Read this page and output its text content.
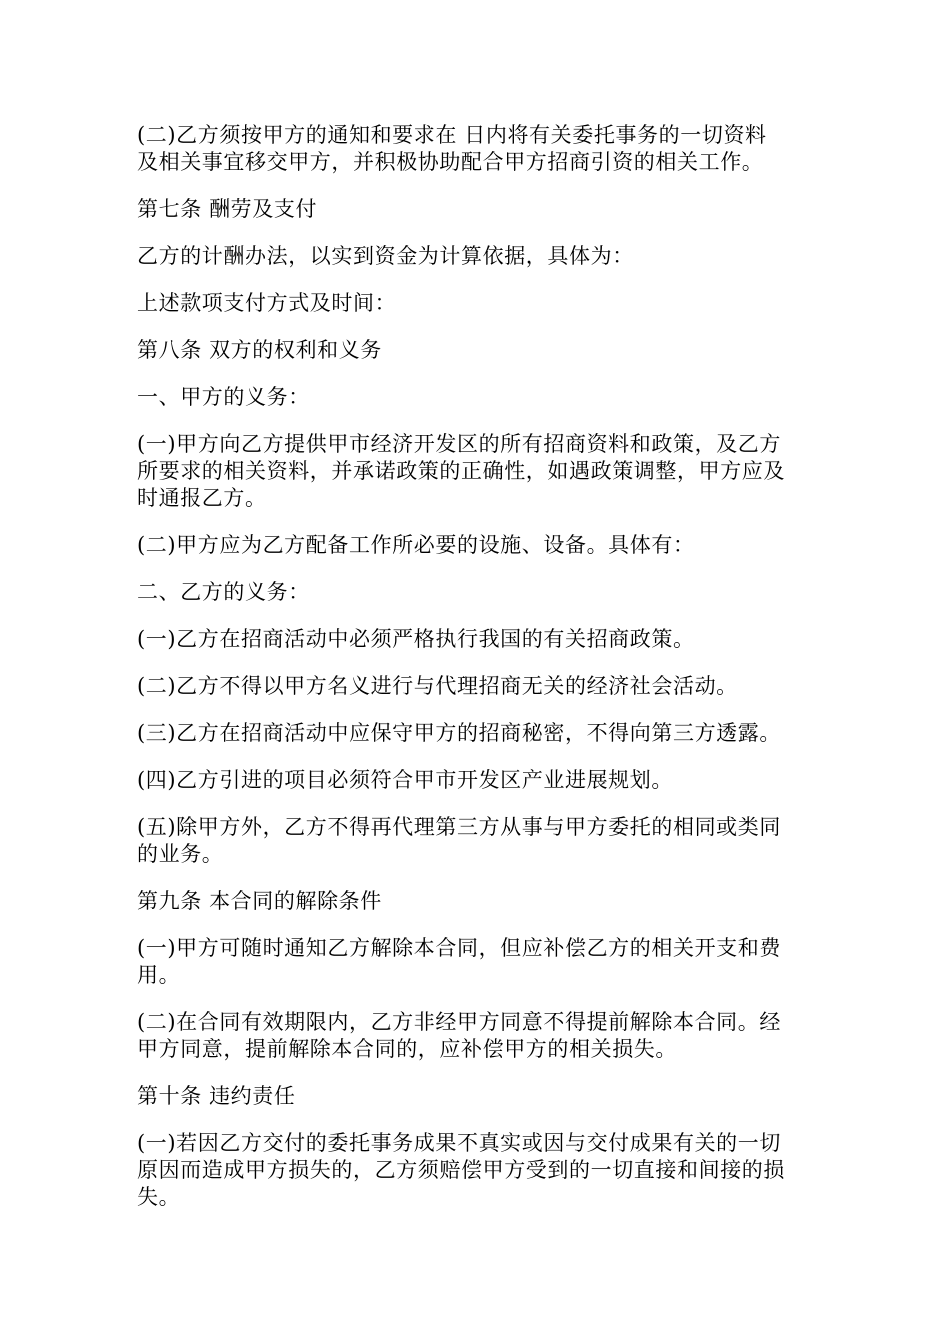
(二)乙方须按甲方的通知和要求在 日内将有关委托事务的一切资料
及相关事宜移交甲方，并积极协助配合甲方招商引资的相关工作。

第七条 酬劳及支付

乙方的计酬办法，以实到资金为计算依据，具体为：

上述款项支付方式及时间：

第八条 双方的权利和义务

一、甲方的义务：

(一)甲方向乙方提供甲市经济开发区的所有招商资料和政策，及乙方
所要求的相关资料，并承诺政策的正确性，如遇政策调整，甲方应及
时通报乙方。

(二)甲方应为乙方配备工作所必要的设施、设备。具体有：

二、乙方的义务：

(一)乙方在招商活动中必须严格执行我国的有关招商政策。

(二)乙方不得以甲方名义进行与代理招商无关的经济社会活动。

(三)乙方在招商活动中应保守甲方的招商秘密，不得向第三方透露。

(四)乙方引进的项目必须符合甲市开发区产业进展规划。

(五)除甲方外，乙方不得再代理第三方从事与甲方委托的相同或类同
的业务。

第九条 本合同的解除条件

(一)甲方可随时通知乙方解除本合同，但应补偿乙方的相关开支和费
用。

(二)在合同有效期限内，乙方非经甲方同意不得提前解除本合同。经
甲方同意，提前解除本合同的，应补偿甲方的相关损失。

第十条 违约责任

(一)若因乙方交付的委托事务成果不真实或因与交付成果有关的一切
原因而造成甲方损失的，乙方须赔偿甲方受到的一切直接和间接的损
失。
